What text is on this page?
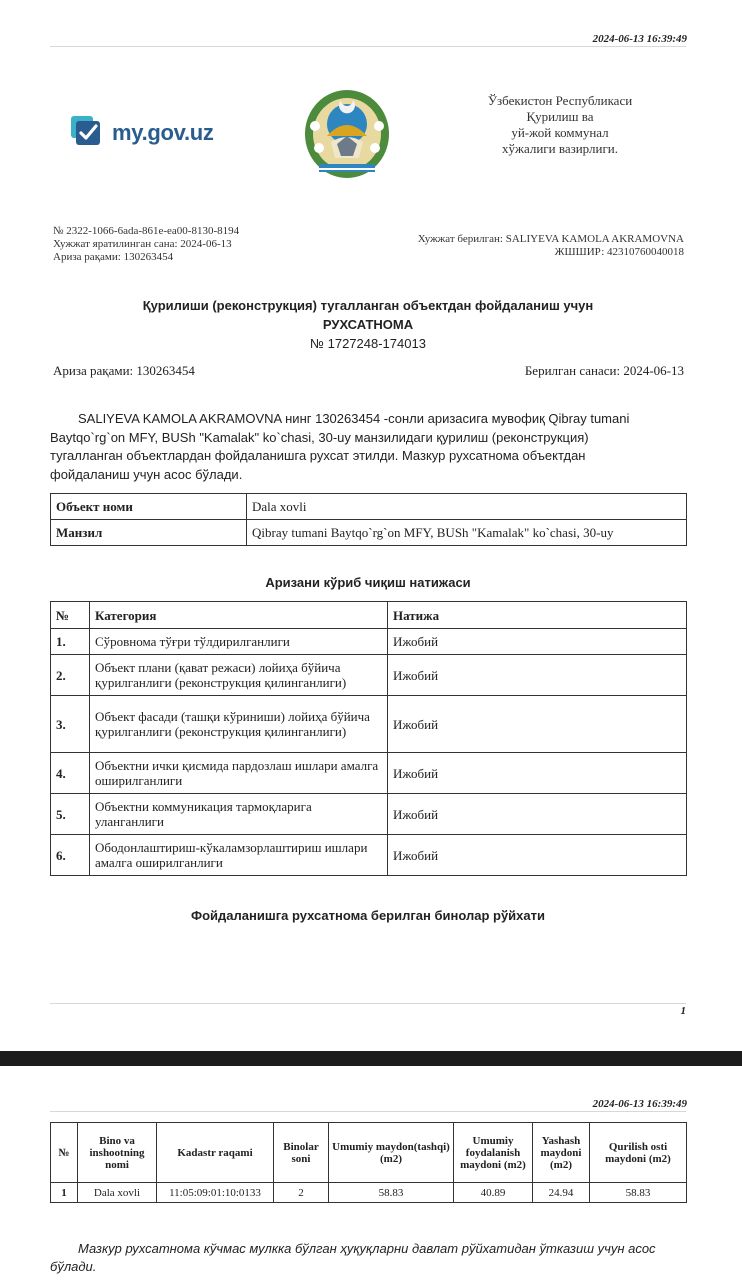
2024-06-13 16:39:49
my.gov.uz
Ўзбекистон Республикаси
Қурилиш ва
уй-жой коммунал
хўжалиги вазирлиги.
№ 2322-1066-6ada-861e-ea00-8130-8194
Хужжат яратилинган сана: 2024-06-13
Ариза рақами: 130263454
Хужжат берилган: SALIYEVA KAMOLA AKRAMOVNA
ЖШШИР: 42310760040018
Қурилиши (реконструкция) тугалланган объектдан фойдаланиш учун
РУХСАТНОМА
№ 1727248-174013
Ариза рақами: 130263454	Берилган санаси: 2024-06-13
SALIYEVA KAMOLA AKRAMOVNA нинг 130263454 -сонли аризасига мувофиқ Qibray tumani Baytqo`rg`on MFY, BUSh "Kamalak" ko`chasi, 30-uy манзилидаги қурилиш (реконструкция) тугалланган объектлардан фойдаланишга рухсат этилди. Мазкур рухсатнома объектдан фойдаланиш учун асос бўлади.
Объект номи	Dala xovli
Манзил	Qibray tumani Baytqo`rg`on MFY, BUSh "Kamalak" ko`chasi, 30-uy
Аризани кўриб чиқиш натижаси
№	Категория	Натижа
1.	Сўровнома тўғри тўлдирилганлиги	Ижобий
2.	Объект плани (қават режаси) лойиҳа бўйича қурилганлиги (реконструкция қилинганлиги)	Ижобий
3.	Объект фасади (ташқи кўриниши) лойиҳа бўйича қурилганлиги (реконструкция қилинганлиги)	Ижобий
4.	Объектни ички қисмида пардозлаш ишлари амалга оширилганлиги	Ижобий
5.	Объектни коммуникация тармоқларига уланганлиги	Ижобий
6.	Ободонлаштириш-кўкаламзорлаштириш ишлари амалга оширилганлиги	Ижобий
Фойдаланишга рухсатнома берилган бинолар рўйхати
1
2024-06-13 16:39:49
№	Bino va inshootning nomi	Kadastr raqami	Binolar soni	Umumiy maydon(tashqi)(m2)	Umumiy foydalanish maydoni (m2)	Yashash maydoni (m2)	Qurilish osti maydoni (m2)
1	Dala xovli	11:05:09:01:10:0133	2	58.83	40.89	24.94	58.83
Мазкур рухсатнома кўчмас мулкка бўлган ҳуқуқларни давлат рўйхатидан ўтказиш учун асос бўлади.
